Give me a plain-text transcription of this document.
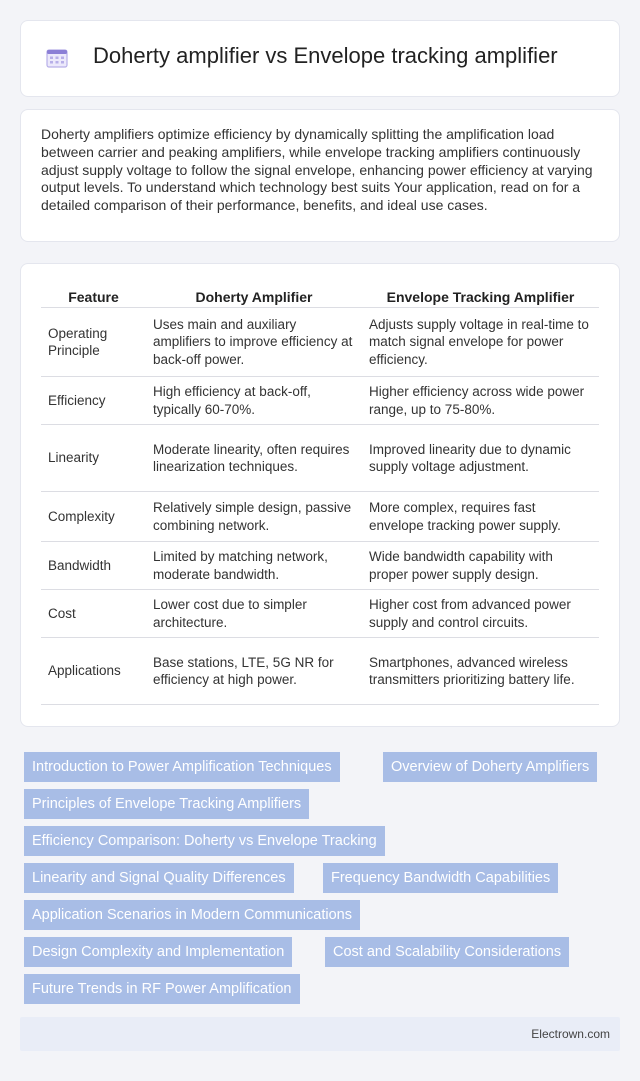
Doherty amplifier vs Envelope tracking amplifier

Doherty amplifiers optimize efficiency by dynamically splitting the amplification load between carrier and peaking amplifiers, while envelope tracking amplifiers continuously adjust supply voltage to follow the signal envelope, enhancing power efficiency at varying output levels. To understand which technology best suits Your application, read on for a detailed comparison of their performance, benefits, and ideal use cases.

Feature	Doherty Amplifier	Envelope Tracking Amplifier
Operating Principle	Uses main and auxiliary amplifiers to improve efficiency at back-off power.	Adjusts supply voltage in real-time to match signal envelope for power efficiency.
Efficiency	High efficiency at back-off, typically 60-70%.	Higher efficiency across wide power range, up to 75-80%.
Linearity	Moderate linearity, often requires linearization techniques.	Improved linearity due to dynamic supply voltage adjustment.
Complexity	Relatively simple design, passive combining network.	More complex, requires fast envelope tracking power supply.
Bandwidth	Limited by matching network, moderate bandwidth.	Wide bandwidth capability with proper power supply design.
Cost	Lower cost due to simpler architecture.	Higher cost from advanced power supply and control circuits.
Applications	Base stations, LTE, 5G NR for efficiency at high power.	Smartphones, advanced wireless transmitters prioritizing battery life.
Introduction to Power Amplification Techniques	Overview of Doherty Amplifiers
Principles of Envelope Tracking Amplifiers
Efficiency Comparison: Doherty vs Envelope Tracking
Linearity and Signal Quality Differences	Frequency Bandwidth Capabilities
Application Scenarios in Modern Communications
Design Complexity and Implementation	Cost and Scalability Considerations
Future Trends in RF Power Amplification
Electrown.com
